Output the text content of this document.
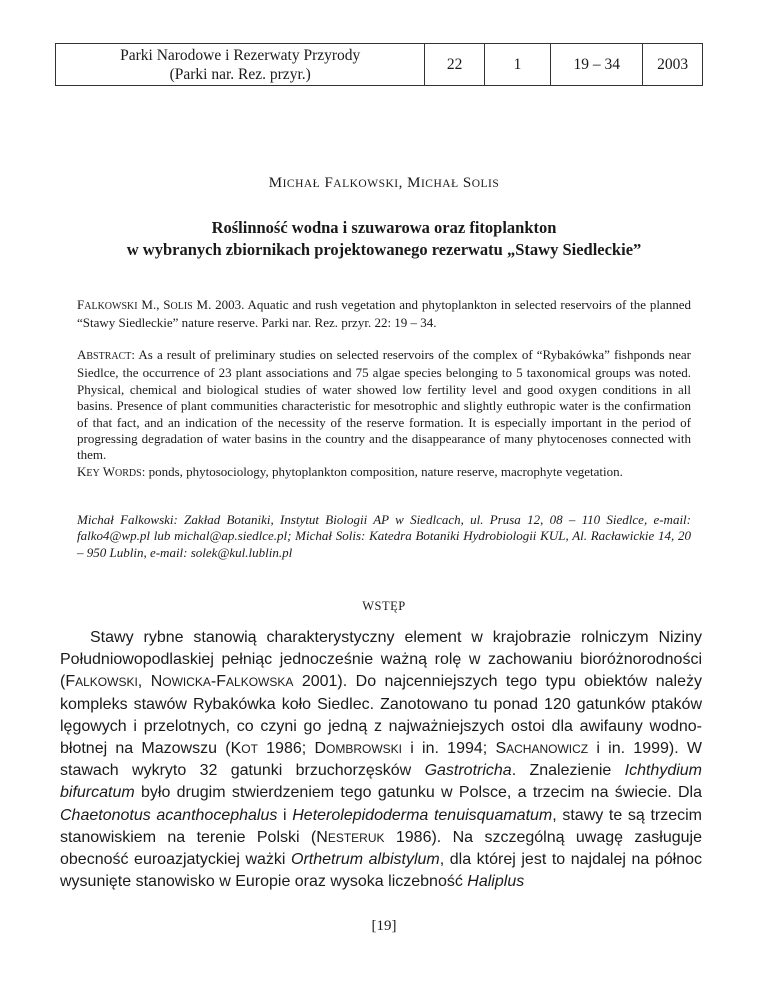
Parki Narodowe i Rezerwaty Przyrody
(Parki nar. Rez. przyr.)
	22	1	19 – 34	2003
MICHAŁ FALKOWSKI, MICHAŁ SOLIS
Roślinność wodna i szuwarowa oraz fitoplankton
w wybranych zbiornikach projektowanego rezerwatu „Stawy Siedleckie”
FALKOWSKI M., SOLIS M. 2003. Aquatic and rush vegetation and phytoplankton in selected reservoirs of the planned “Stawy Siedleckie” nature reserve. Parki nar. Rez. przyr. 22: 19 – 34.
ABSTRACT: As a result of preliminary studies on selected reservoirs of the complex of “Rybakówka” fishponds near Siedlce, the occurrence of 23 plant associations and 75 algae species belonging to 5 taxonomical groups was noted. Physical, chemical and biological studies of water showed low fertility level and good oxygen conditions in all basins. Presence of plant communities characteristic for mesotrophic and slightly euthropic water is the confirmation of that fact, and an indication of the necessity of the reserve formation. It is especially important in the period of progressing degradation of water basins in the country and the disappearance of many phytocenoses connected with them.
KEY WORDS: ponds, phytosociology, phytoplankton composition, nature reserve, macrophyte vegetation.
Michał Falkowski: Zakład Botaniki, Instytut Biologii AP w Siedlcach, ul. Prusa 12, 08 – 110 Siedlce, e-mail: falko4@wp.pl lub michal@ap.siedlce.pl; Michał Solis: Katedra Botaniki Hydrobiologii KUL, Al. Racławickie 14, 20 – 950 Lublin, e-mail: solek@kul.lublin.pl
WSTĘP
Stawy rybne stanowią charakterystyczny element w krajobrazie rolniczym Niziny Południowopodlaskiej pełniąc jednocześnie ważną rolę w zachowaniu bioróżnorodności (FALKOWSKI, NOWICKA-FALKOWSKA 2001). Do najcenniejszych tego typu obiektów należy kompleks stawów Rybakówka koło Siedlec. Zanotowano tu ponad 120 gatunków ptaków lęgowych i przelotnych, co czyni go jedną z najważniejszych ostoi dla awifauny wodno-błotnej na Mazowszu (KOT 1986; DOMBROWSKI i in. 1994; SACHANOWICZ i in. 1999). W stawach wykryto 32 gatunki brzuchorzęsków Gastrotricha. Znalezienie Ichthydium bifurcatum było drugim stwierdzeniem tego gatunku w Polsce, a trzecim na świecie. Dla Chaetonotus acanthocephalus i Heterolepidoderma tenuisquamatum, stawy te są trzecim stanowiskiem na terenie Polski (NESTERUK 1986). Na szczególną uwagę zasługuje obecność euroazjatyckiej ważki Orthetrum albistylum, dla której jest to najdalej na północ wysunięte stanowisko w Europie oraz wysoka liczebność Haliplus
[19]
